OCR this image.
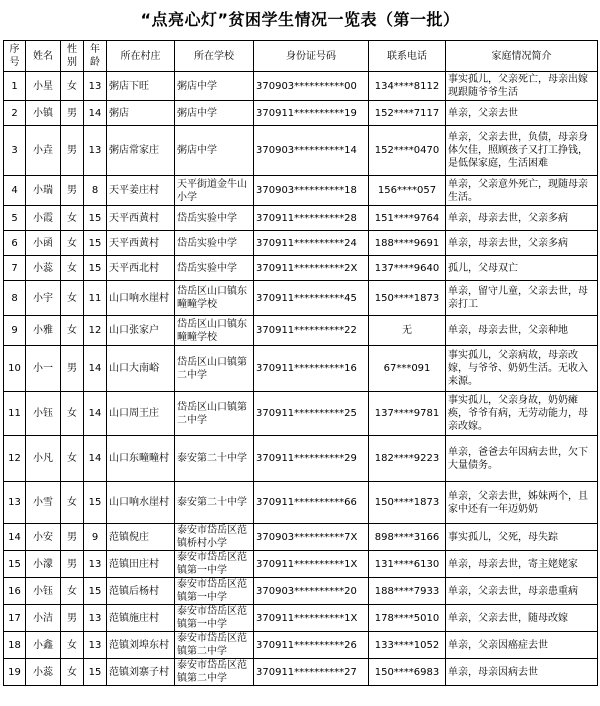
“点亮心灯”贫困学生情况一览表（第一批）
序号	姓名	性别	年龄	所在村庄	所在学校	身份证号码	联系电话	家庭情况简介
1	小星	女	13	粥店下旺	粥店中学	370903**********00	134****8112	事实孤儿，父亲死亡，母亲出嫁现跟随爷爷生活
2	小镇	男	14	粥店	粥店中学	370911**********19	152****7117	单亲，父亲去世
3	小垚	男	13	粥店常家庄	粥店中学	370903**********14	152****0470	单亲，父亲去世，负债，母亲身体欠佳，照顾孩子又打工挣钱，是低保家庭，生活困难
4	小瑞	男	8	天平姜庄村	天平街道金牛山小学	370903**********18	156****057	单亲，父亲意外死亡，现随母亲生活。
5	小霞	女	15	天平西黄村	岱岳实验中学	370911**********28	151****9764	单亲，母亲去世，父亲多病
6	小函	女	15	天平西黄村	岱岳实验中学	370911**********24	188****9691	单亲，母亲去世，父亲多病
7	小蕊	女	15	天平西北村	岱岳实验中学	370911**********2X	137****9640	孤儿，父母双亡
8	小宇	女	11	山口响水崖村	岱岳区山口镇东疃疃学校	370911**********45	150****1873	单亲，留守儿童，父亲去世，母亲打工
9	小雅	女	12	山口张家户	岱岳区山口镇东疃疃学校	370911**********22	无	单亲，母亲去世，父亲种地
10	小一	男	14	山口大南峪	岱岳区山口镇第二中学	370911**********16	67***091	事实孤儿，父亲病故，母亲改嫁，与爷爷、奶奶生活。无收入来源。
11	小钰	女	14	山口周王庄	岱岳区山口镇第二中学	370911**********25	137****9781	事实孤儿，父亲身故，奶奶瘫痪，爷爷有病，无劳动能力，母亲改嫁。
12	小凡	女	14	山口东疃疃村	泰安第二十中学	370911**********29	182****9223	单亲，爸爸去年因病去世，欠下大量债务。
13	小雪	女	15	山口响水崖村	泰安第二十中学	370911**********66	150****1873	单亲，父亲去世，姊妹两个，且家中还有一年迈奶奶
14	小安	男	9	范镇倪庄	泰安市岱岳区范镇桥村小学	370903**********7X	898****3166	事实孤儿，父死，母失踪
15	小濛	男	13	范镇田庄村	泰安市岱岳区范镇第一中学	370911**********1X	131****6130	单亲，母亲去世，寄主姥姥家
16	小钰	女	15	范镇后杨村	泰安市岱岳区范镇第一中学	370903**********20	188****7933	单亲，父亲去世，母亲患重病
17	小洁	男	13	范镇施庄村	泰安市岱岳区范镇第一中学	370911**********1X	178****5010	单亲，父亲去世，随母改嫁
18	小鑫	女	13	范镇刘埠东村	泰安市岱岳区范镇第二中学	370911**********26	133****1052	单亲，父亲因癌症去世
19	小蕊	女	15	范镇刘寨子村	泰安市岱岳区范镇第二中学	370911**********27	150****6983	单亲，母亲因病去世
